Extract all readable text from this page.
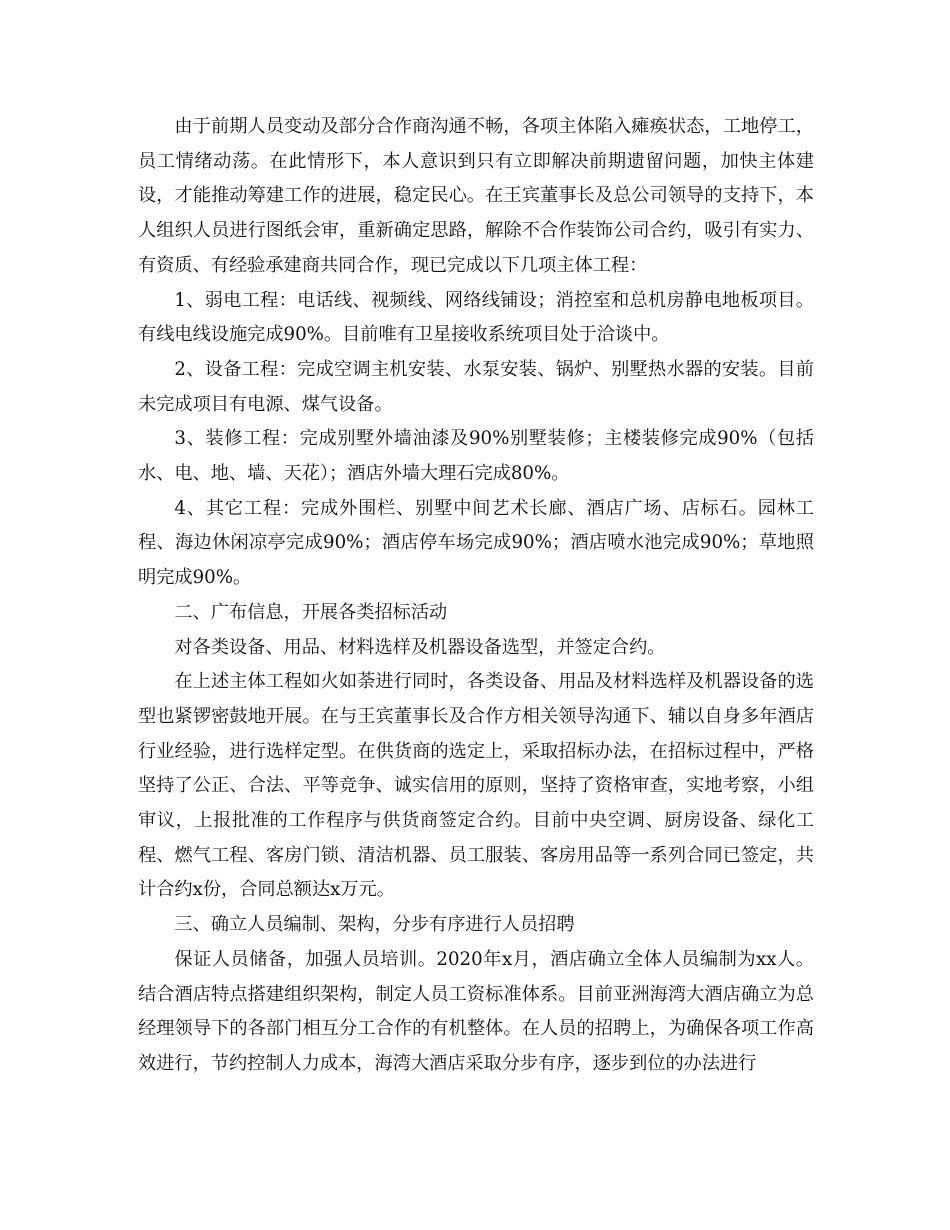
由于前期人员变动及部分合作商沟通不畅，各项主体陷入瘫痪状态，工地停工，员工情绪动荡。在此情形下，本人意识到只有立即解决前期遗留问题，加快主体建设，才能推动筹建工作的进展，稳定民心。在王宾董事长及总公司领导的支持下，本人组织人员进行图纸会审，重新确定思路，解除不合作装饰公司合约，吸引有实力、有资质、有经验承建商共同合作，现已完成以下几项主体工程：

1、弱电工程：电话线、视频线、网络线铺设；消控室和总机房静电地板项目。有线电线设施完成90%。目前唯有卫星接收系统项目处于洽谈中。

2、设备工程：完成空调主机安装、水泵安装、锅炉、别墅热水器的安装。目前未完成项目有电源、煤气设备。

3、装修工程：完成别墅外墙油漆及90%别墅装修；主楼装修完成90%（包括水、电、地、墙、天花）；酒店外墙大理石完成80%。

4、其它工程：完成外围栏、别墅中间艺术长廊、酒店广场、店标石。园林工程、海边休闲凉亭完成90%；酒店停车场完成90%；酒店喷水池完成90%；草地照明完成90%。

二、广布信息，开展各类招标活动

对各类设备、用品、材料选样及机器设备选型，并签定合约。

在上述主体工程如火如荼进行同时，各类设备、用品及材料选样及机器设备的选型也紧锣密鼓地开展。在与王宾董事长及合作方相关领导沟通下、辅以自身多年酒店行业经验，进行选样定型。在供货商的选定上，采取招标办法，在招标过程中，严格坚持了公正、合法、平等竞争、诚实信用的原则，坚持了资格审查，实地考察，小组审议，上报批准的工作程序与供货商签定合约。目前中央空调、厨房设备、绿化工程、燃气工程、客房门锁、清洁机器、员工服装、客房用品等一系列合同已签定，共计合约x份，合同总额达x万元。

三、确立人员编制、架构，分步有序进行人员招聘

保证人员储备，加强人员培训。2020年x月，酒店确立全体人员编制为xx人。结合酒店特点搭建组织架构，制定人员工资标准体系。目前亚洲海湾大酒店确立为总经理领导下的各部门相互分工合作的有机整体。在人员的招聘上，为确保各项工作高效进行，节约控制人力成本，海湾大酒店采取分步有序，逐步到位的办法进行
